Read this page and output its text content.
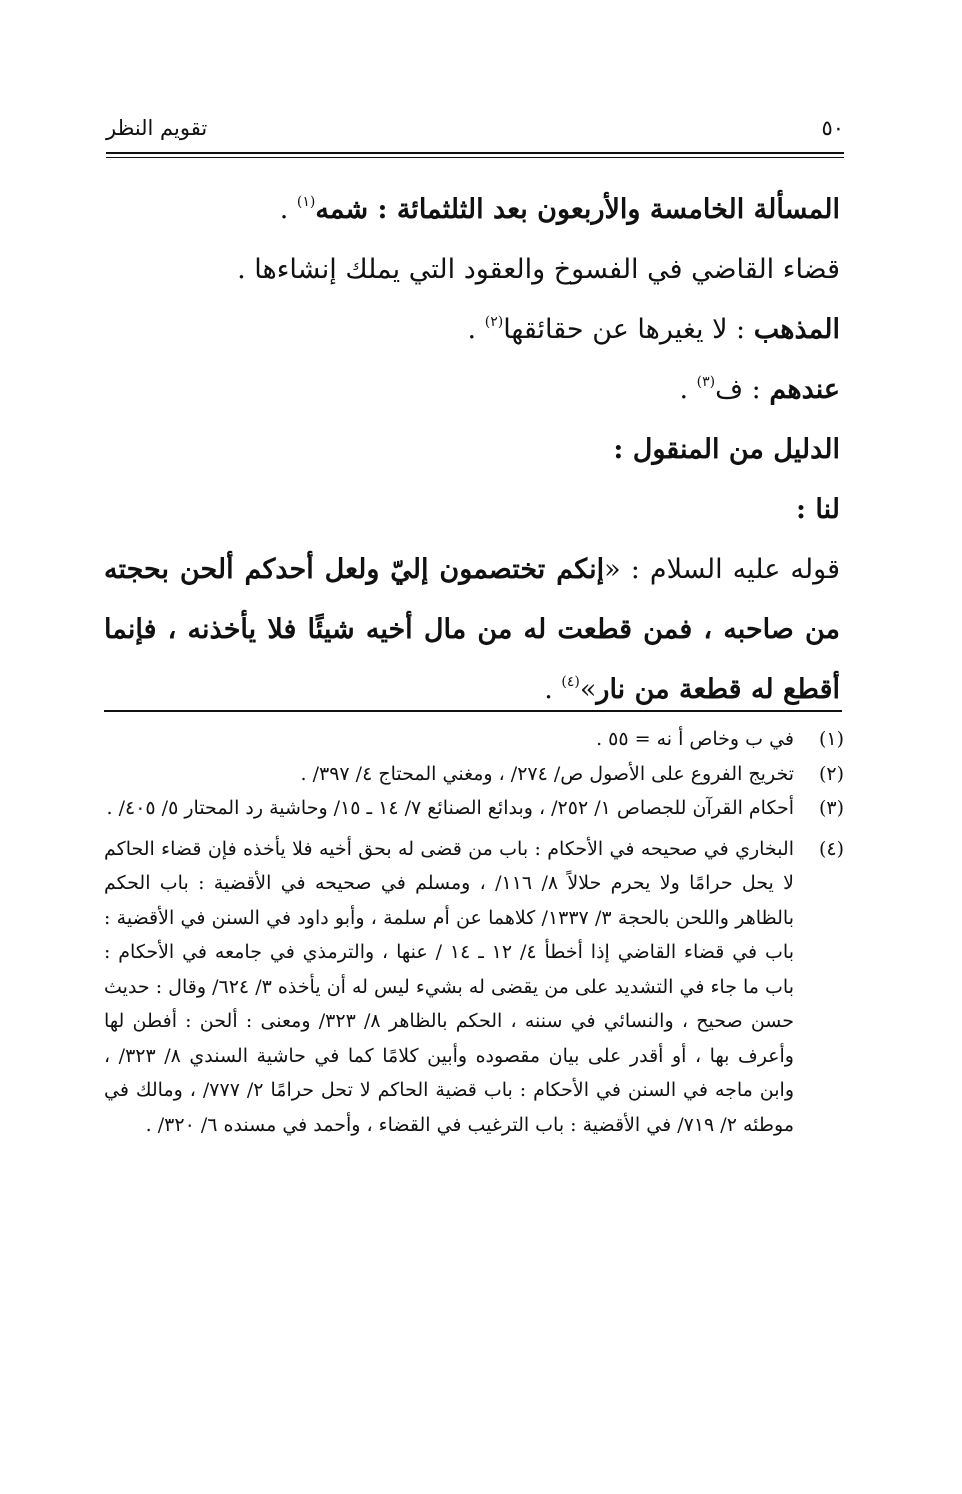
٥٠
تقويم النظر

المسألة الخامسة والأربعون بعد الثلثمائة : شمه$^{(١)}$ .

قضاء القاضي في الفسوخ والعقود التي يملك إنشاءها .

المذهب : لا يغيرها عن حقائقها$^{(٢)}$ .

عندهم : ف$^{(٣)}$ .

الدليل من المنقول :

لنا :

قوله عليه السلام : «إنكم تختصمون إليّ ولعل أحدكم ألحن بحجته من صاحبه ، فمن قطعت له من مال أخيه شيئًا فلا يأخذنه ، فإنما أقطع له قطعة من نار»$^{(٤)}$ .

(١)
في ب وخاص أ نه = ٥٥ .
(٢)
تخريج الفروع على الأصول ص/ ٢٧٤/ ، ومغني المحتاج ٤/ ٣٩٧/ .
(٣)
أحكام القرآن للجصاص ١/ ٢٥٢/ ، وبدائع الصنائع ٧/ ١٤ ـ ١٥/ وحاشية رد المحتار ٥/ ٤٠٥/ .
(٤)
البخاري في صحيحه في الأحكام : باب من قضى له بحق أخيه فلا يأخذه فإن قضاء الحاكم لا يحل حرامًا ولا يحرم حلالاً ٨/ ١١٦/ ، ومسلم في صحيحه في الأقضية : باب الحكم بالظاهر واللحن بالحجة ٣/ ١٣٣٧/ كلاهما عن أم سلمة ، وأبو داود في السنن في الأقضية : باب في قضاء القاضي إذا أخطأ ٤/ ١٢ ـ ١٤ / عنها ، والترمذي في جامعه في الأحكام : باب ما جاء في التشديد على من يقضى له بشيء ليس له أن يأخذه ٣/ ٦٢٤/ وقال : حديث حسن صحيح ، والنسائي في سننه ، الحكم بالظاهر ٨/ ٣٢٣/ ومعنى : ألحن : أفطن لها وأعرف بها ، أو أقدر على بيان مقصوده وأبين كلامًا كما في حاشية السندي ٨/ ٣٢٣/ ، وابن ماجه في السنن في الأحكام : باب قضية الحاكم لا تحل حرامًا ٢/ ٧٧٧/ ، ومالك في موطئه ٢/ ٧١٩/ في الأقضية : باب الترغيب في القضاء ، وأحمد في مسنده ٦/ ٣٢٠/ .
